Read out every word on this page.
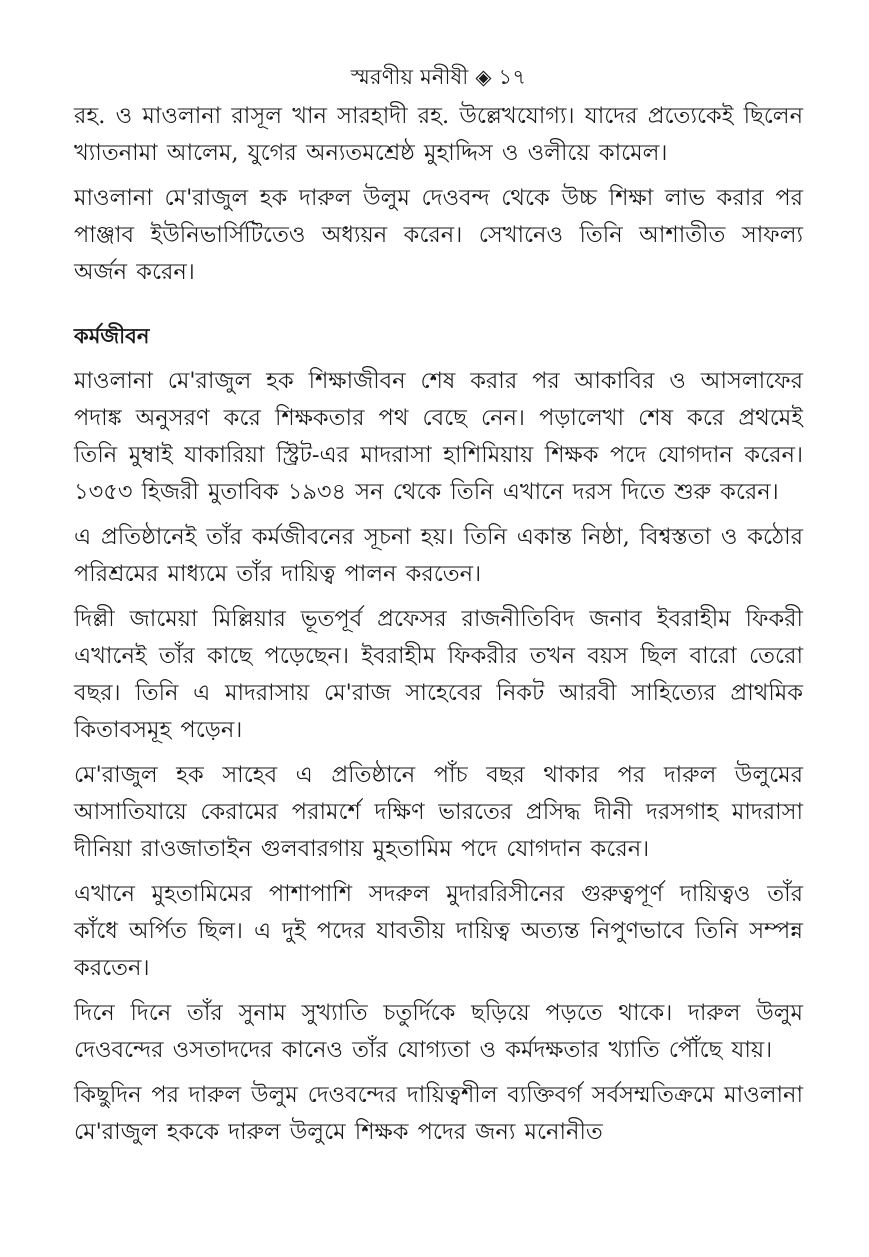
স্মরণীয় মনীষী ◈ ১৭

রহ. ও মাওলানা রাসূল খান সারহাদী রহ. উল্লেখযোগ্য। যাদের প্রত্যেকেই ছিলেন খ্যাতনামা আলেম, যুগের অন্যতমশ্রেষ্ঠ মুহাদ্দিস ও ওলীয়ে কামেল।

মাওলানা মে'রাজুল হক দারুল উলুম দেওবন্দ থেকে উচ্চ শিক্ষা লাভ করার পর পাঞ্জাব ইউনিভার্সিটিতেও অধ্যয়ন করেন। সেখানেও তিনি আশাতীত সাফল্য অর্জন করেন।

কর্মজীবন

মাওলানা মে'রাজুল হক শিক্ষাজীবন শেষ করার পর আকাবির ও আসলাফের পদাঙ্ক অনুসরণ করে শিক্ষকতার পথ বেছে নেন। পড়ালেখা শেষ করে প্রথমেই তিনি মুম্বাই যাকারিয়া স্ট্রিট-এর মাদরাসা হাশিমিয়ায় শিক্ষক পদে যোগদান করেন। ১৩৫৩ হিজরী মুতাবিক ১৯৩৪ সন থেকে তিনি এখানে দরস দিতে শুরু করেন।

এ প্রতিষ্ঠানেই তাঁর কর্মজীবনের সূচনা হয়। তিনি একান্ত নিষ্ঠা, বিশ্বস্ততা ও কঠোর পরিশ্রমের মাধ্যমে তাঁর দায়িত্ব পালন করতেন।

দিল্লী জামেয়া মিল্লিয়ার ভূতপূর্ব প্রফেসর রাজনীতিবিদ জনাব ইবরাহীম ফিকরী এখানেই তাঁর কাছে পড়েছেন। ইবরাহীম ফিকরীর তখন বয়স ছিল বারো তেরো বছর। তিনি এ মাদরাসায় মে'রাজ সাহেবের নিকট আরবী সাহিত্যের প্রাথমিক কিতাবসমূহ পড়েন।

মে'রাজুল হক সাহেব এ প্রতিষ্ঠানে পাঁচ বছর থাকার পর দারুল উলুমের আসাতিযায়ে কেরামের পরামর্শে দক্ষিণ ভারতের প্রসিদ্ধ দীনী দরসগাহ মাদরাসা দীনিয়া রাওজাতাইন গুলবারগায় মুহতামিম পদে যোগদান করেন।

এখানে মুহতামিমের পাশাপাশি সদরুল মুদাররিসীনের গুরুত্বপূর্ণ দায়িত্বও তাঁর কাঁধে অর্পিত ছিল। এ দুই পদের যাবতীয় দায়িত্ব অত্যন্ত নিপুণভাবে তিনি সম্পন্ন করতেন।

দিনে দিনে তাঁর সুনাম সুখ্যাতি চতুর্দিকে ছড়িয়ে পড়তে থাকে। দারুল উলুম দেওবন্দের ওসতাদদের কানেও তাঁর যোগ্যতা ও কর্মদক্ষতার খ্যাতি পৌঁছে যায়।

কিছুদিন পর দারুল উলুম দেওবন্দের দায়িত্বশীল ব্যক্তিবর্গ সর্বসম্মতিক্রমে মাওলানা মে'রাজুল হককে দারুল উলুমে শিক্ষক পদের জন্য মনোনীত
